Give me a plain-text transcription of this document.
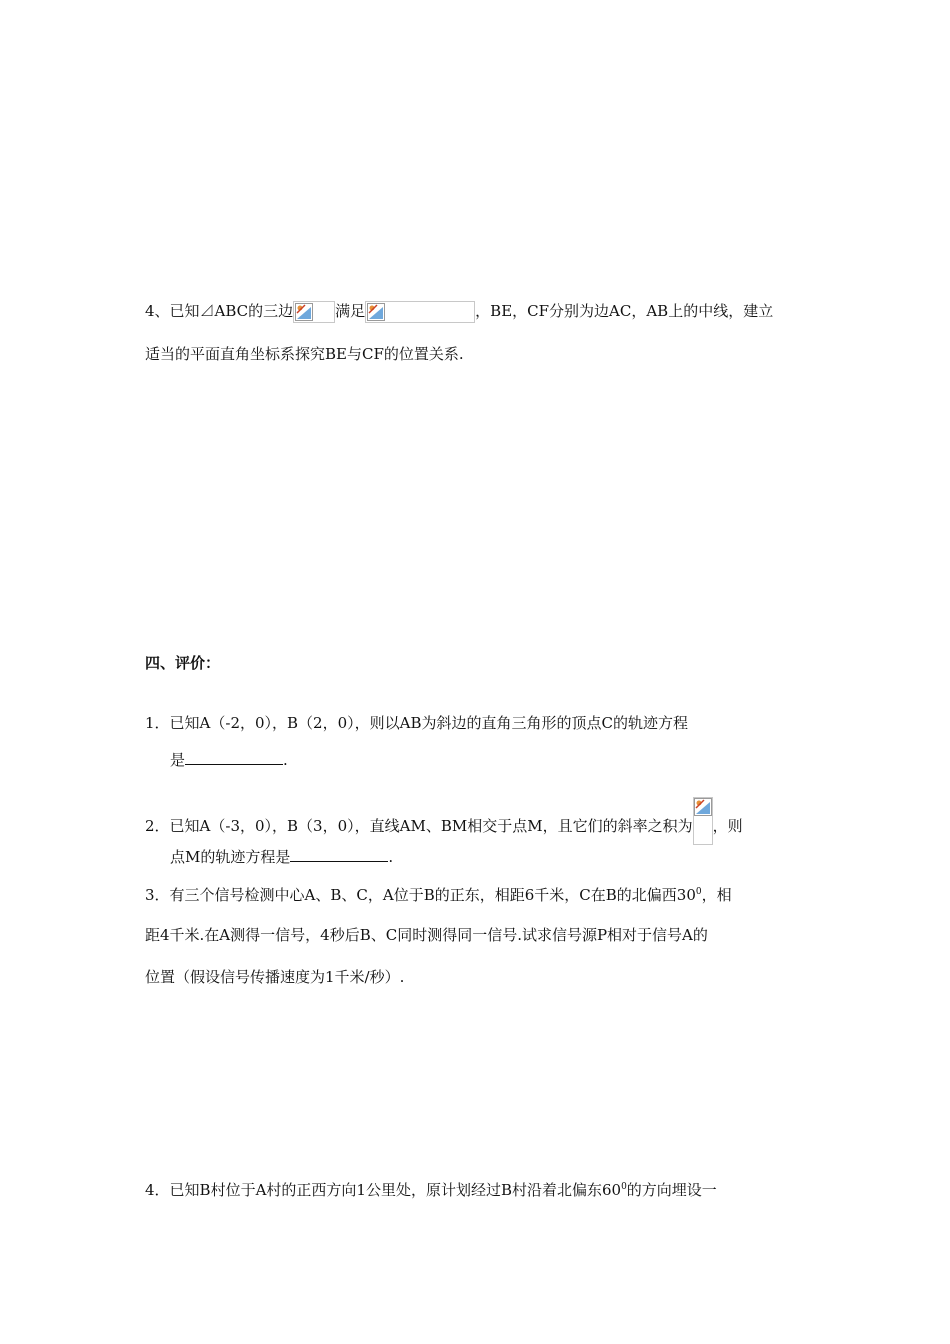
4、已知⊿ABC的三边	满足	，BE，CF分别为边AC，AB上的中线，建立
适当的平面直角坐标系探究BE与CF的位置关系.
四、评价：
1．已知A（-2，0），B（2，0），则以AB为斜边的直角三角形的顶点C的轨迹方程
是	.
2．已知A（-3，0），B（3，0），直线AM、BM相交于点M，且它们的斜率之积为 ，则
点M的轨迹方程是	.
3．有三个信号检测中心A、B、C，A位于B的正东，相距6千米，C在B的北偏西$30^0$，相
距4千米.在A测得一信号，4秒后B、C同时测得同一信号.试求信号源P相对于信号A的
位置（假设信号传播速度为1千米/秒）.
4．已知B村位于A村的正西方向1公里处，原计划经过B村沿着北偏东$60^0$的方向埋设一
